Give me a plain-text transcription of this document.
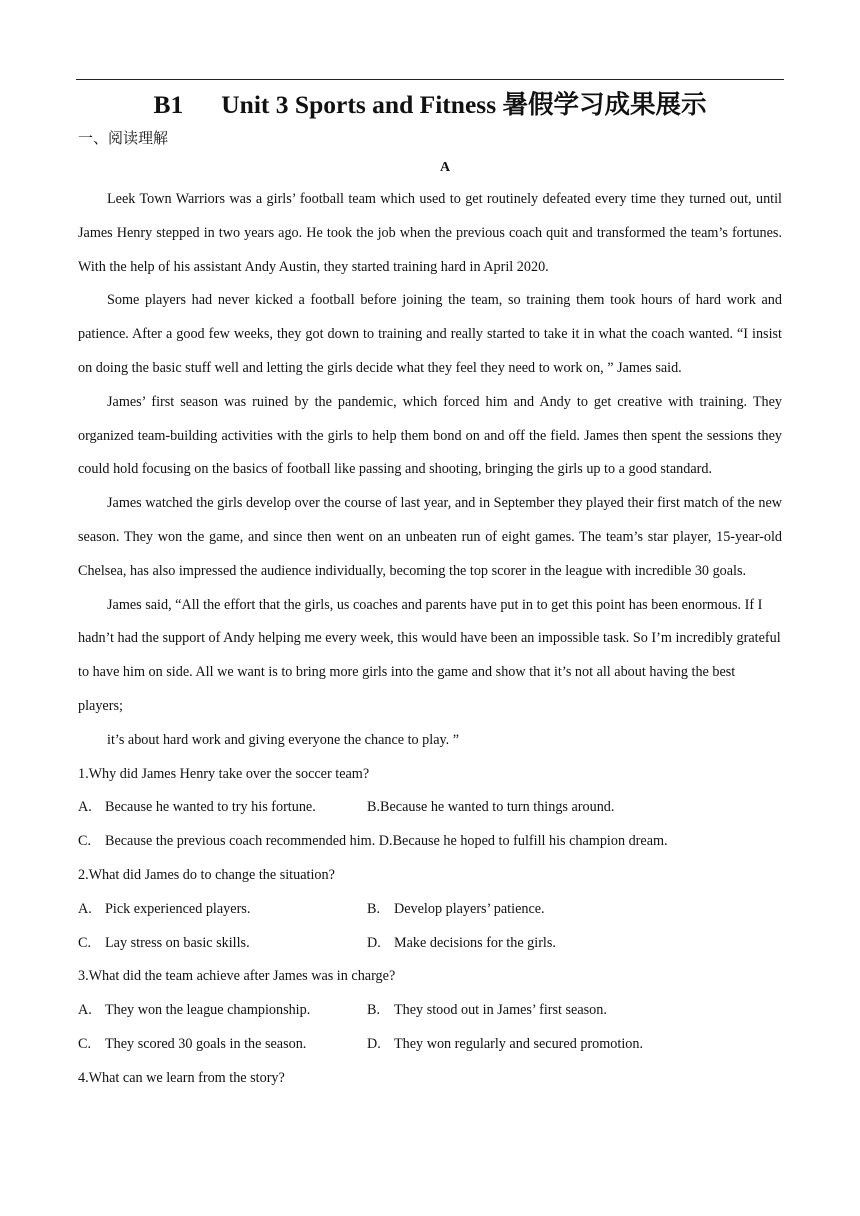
B1 Unit 3 Sports and Fitness 暑假学习成果展示
一、阅读理解
A

Leek Town Warriors was a girls’ football team which used to get routinely defeated every time they turned out, until James Henry stepped in two years ago. He took the job when the previous coach quit and transformed the team’s fortunes. With the help of his assistant Andy Austin, they started training hard in April 2020.

Some players had never kicked a football before joining the team, so training them took hours of hard work and patience. After a good few weeks, they got down to training and really started to take it in what the coach wanted. “I insist on doing the basic stuff well and letting the girls decide what they feel they need to work on, ” James said.

James’ first season was ruined by the pandemic, which forced him and Andy to get creative with training. They organized team-building activities with the girls to help them bond on and off the field. James then spent the sessions they could hold focusing on the basics of football like passing and shooting, bringing the girls up to a good standard.

James watched the girls develop over the course of last year, and in September they played their first match of the new season. They won the game, and since then went on an unbeaten run of eight games. The team’s star player, 15-year-old Chelsea, has also impressed the audience individually, becoming the top scorer in the league with incredible 30 goals.

James said, “All the effort that the girls, us coaches and parents have put in to get this point has been enormous. If I hadn’t had the support of Andy helping me every week, this would have been an impossible task. So I’m incredibly grateful to have him on side. All we want is to bring more girls into the game and show that it’s not all about having the best players;

it’s about hard work and giving everyone the chance to play. ”
1.Why did James Henry take over the soccer team?
A. Because he wanted to try his fortune.	B.Because he wanted to turn things around.
C. Because the previous coach recommended him. D.Because he hoped to fulfill his champion dream.
2.What did James do to change the situation?
A. Pick experienced players.	B. Develop players’ patience.
C. Lay stress on basic skills.	D. Make decisions for the girls.
3.What did the team achieve after James was in charge?
A. They won the league championship.	B. They stood out in James’ first season.
C. They scored 30 goals in the season.	D. They won regularly and secured promotion.
4.What can we learn from the story?
